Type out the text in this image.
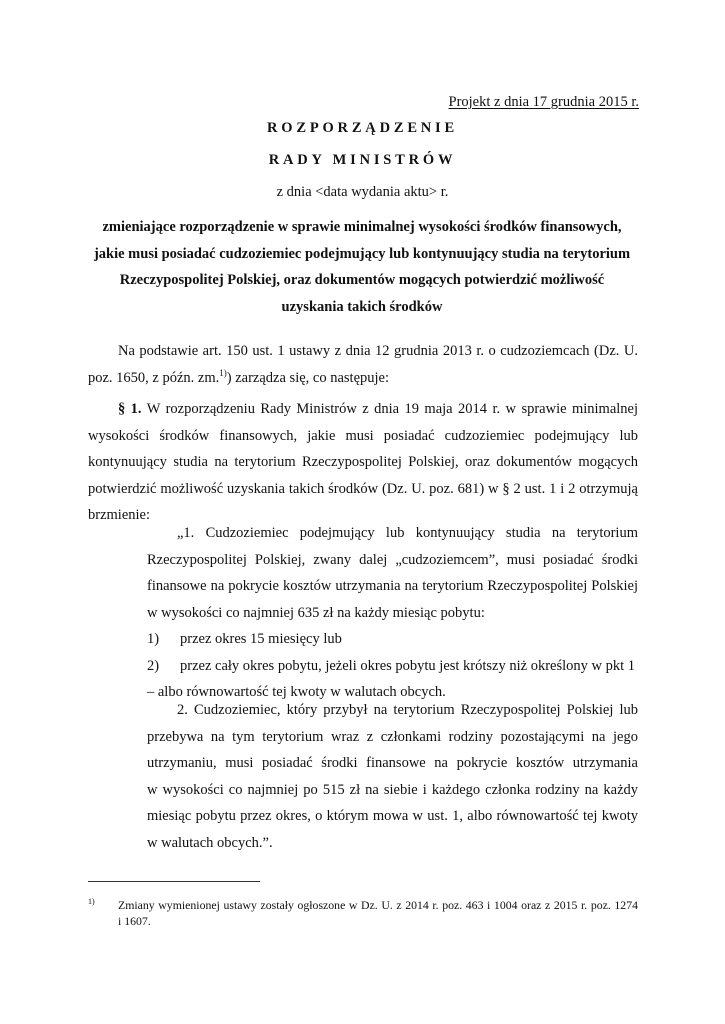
Projekt z dnia 17 grudnia 2015 r.
ROZPORZĄDZENIE
RADY MINISTRÓW
z dnia <data wydania aktu> r.
zmieniające rozporządzenie w sprawie minimalnej wysokości środków finansowych,
jakie musi posiadać cudzoziemiec podejmujący lub kontynuujący studia na terytorium
Rzeczypospolitej Polskiej, oraz dokumentów mogących potwierdzić możliwość
uzyskania takich środków
Na podstawie art. 150 ust. 1 ustawy z dnia 12 grudnia 2013 r. o cudzoziemcach (Dz. U.
poz. 1650, z późn. zm.$^{1)}$) zarządza się, co następuje:
§ 1. W rozporządzeniu Rady Ministrów z dnia 19 maja 2014 r. w sprawie minimalnej
wysokości środków finansowych, jakie musi posiadać cudzoziemiec podejmujący lub
kontynuujący studia na terytorium Rzeczypospolitej Polskiej, oraz dokumentów mogących
potwierdzić możliwość uzyskania takich środków (Dz. U. poz. 681) w § 2 ust. 1 i 2 otrzymują
brzmienie:
„1. Cudzoziemiec podejmujący lub kontynuujący studia na terytorium
Rzeczypospolitej Polskiej, zwany dalej „cudzoziemcem”, musi posiadać środki
finansowe na pokrycie kosztów utrzymania na terytorium Rzeczypospolitej Polskiej
w wysokości co najmniej 635 zł na każdy miesiąc pobytu:
1)	przez okres 15 miesięcy lub
2)	przez cały okres pobytu, jeżeli okres pobytu jest krótszy niż określony w pkt 1
– albo równowartość tej kwoty w walutach obcych.
2. Cudzoziemiec, który przybył na terytorium Rzeczypospolitej Polskiej lub
przebywa na tym terytorium wraz z członkami rodziny pozostającymi na jego
utrzymaniu, musi posiadać środki finansowe na pokrycie kosztów utrzymania
w wysokości co najmniej po 515 zł na siebie i każdego członka rodziny na każdy
miesiąc pobytu przez okres, o którym mowa w ust. 1, albo równowartość tej kwoty
w walutach obcych.”.
1)	Zmiany wymienionej ustawy zostały ogłoszone w Dz. U. z 2014 r. poz. 463 i 1004 oraz z 2015 r. poz. 1274
i 1607.
